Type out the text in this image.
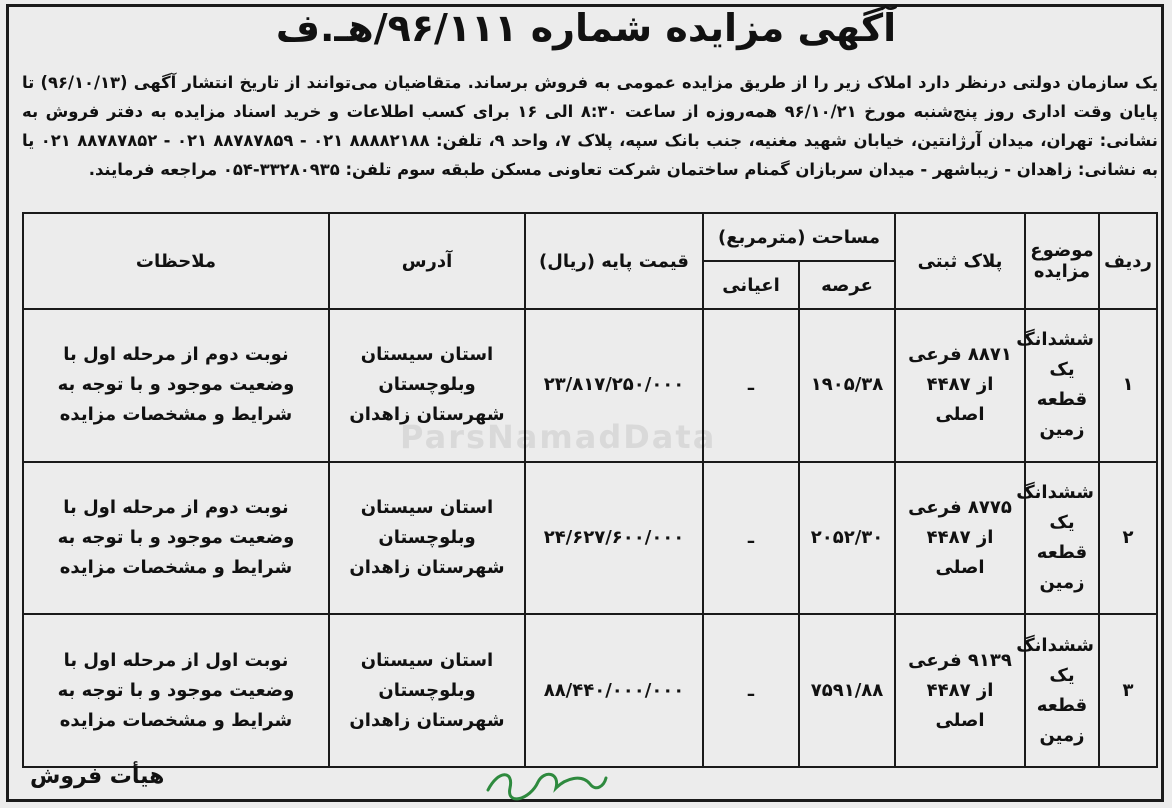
آگهی مزایده شماره ۹۶/۱۱۱/هـ.ف
یک سازمان دولتی درنظر دارد املاک زیر را از طریق مزایده عمومی به فروش برساند. متقاضیان می‌توانند از تاریخ انتشار آگهی (۹۶/۱۰/۱۳) تا پایان وقت اداری روز پنج‌شنبه مورخ ۹۶/۱۰/۲۱ همه‌روزه از ساعت ۸:۳۰ الی ۱۶ برای کسب اطلاعات و خرید اسناد مزایده به دفتر فروش به نشانی: تهران، میدان آرژانتین، خیابان شهید مغنیه، جنب بانک سپه، پلاک ۷، واحد ۹، تلفن: ۸۸۸۸۲۱۸۸ ۰۲۱ - ۸۸۷۸۷۸۵۹ ۰۲۱ - ۸۸۷۸۷۸۵۲ ۰۲۱ یا به نشانی: زاهدان - زیباشهر - میدان سربازان گمنام ساختمان شرکت تعاونی مسکن طبقه سوم تلفن: ۳۳۲۸۰۹۳۵-۰۵۴ مراجعه فرمایند.
ردیف	موضوع مزایده	پلاک ثبتی	مساحت (مترمربع)		قیمت پایه (ریال)	آدرس	ملاحظات
			عرصه	اعیانی			
۱	ششدانگ یک قطعه زمین	۸۸۷۱ فرعی از ۴۴۸۷ اصلی	۱۹۰۵/۳۸	ـ	۲۳/۸۱۷/۲۵۰/۰۰۰	استان سیستان وبلوچستان شهرستان زاهدان	نوبت دوم از مرحله اول با وضعیت موجود و با توجه به شرایط و مشخصات مزایده
۲	ششدانگ یک قطعه زمین	۸۷۷۵ فرعی از ۴۴۸۷ اصلی	۲۰۵۲/۳۰	ـ	۲۴/۶۲۷/۶۰۰/۰۰۰	استان سیستان وبلوچستان شهرستان زاهدان	نوبت دوم از مرحله اول با وضعیت موجود و با توجه به شرایط و مشخصات مزایده
۳	ششدانگ یک قطعه زمین	۹۱۳۹ فرعی از ۴۴۸۷ اصلی	۷۵۹۱/۸۸	ـ	۸۸/۴۴۰/۰۰۰/۰۰۰	استان سیستان وبلوچستان شهرستان زاهدان	نوبت اول از مرحله اول با وضعیت موجود و با توجه به شرایط و مشخصات مزایده
ParsNamadData
هیأت فروش
